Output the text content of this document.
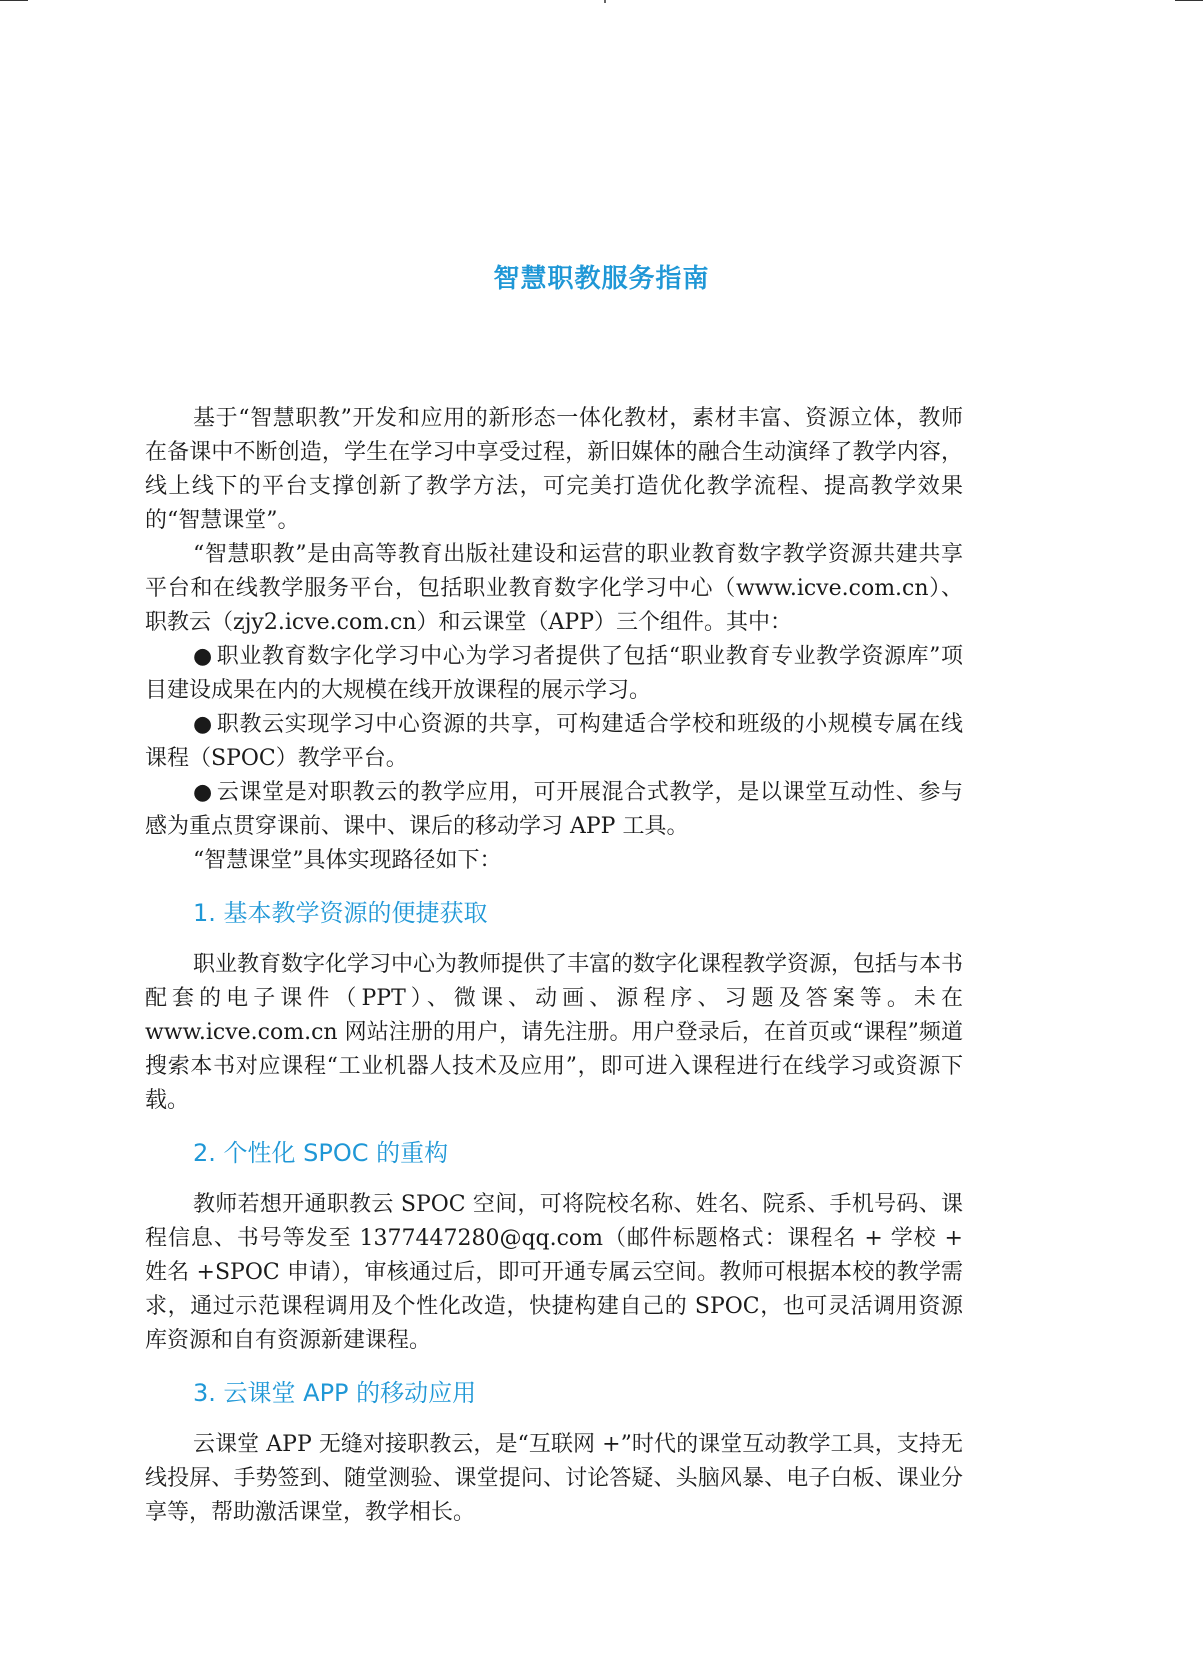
智慧职教服务指南

基于“智慧职教”开发和应用的新形态一体化教材，素材丰富、资源立体，教师在备课中不断创造，学生在学习中享受过程，新旧媒体的融合生动演绎了教学内容，线上线下的平台支撑创新了教学方法，可完美打造优化教学流程、提高教学效果的“智慧课堂”。

“智慧职教”是由高等教育出版社建设和运营的职业教育数字教学资源共建共享平台和在线教学服务平台，包括职业教育数字化学习中心（www.icve.com.cn）、职教云（zjy2.icve.com.cn）和云课堂（APP）三个组件。其中：

● 职业教育数字化学习中心为学习者提供了包括“职业教育专业教学资源库”项目建设成果在内的大规模在线开放课程的展示学习。

● 职教云实现学习中心资源的共享，可构建适合学校和班级的小规模专属在线课程（SPOC）教学平台。

● 云课堂是对职教云的教学应用，可开展混合式教学，是以课堂互动性、参与感为重点贯穿课前、课中、课后的移动学习 APP 工具。

“智慧课堂”具体实现路径如下：

1. 基本教学资源的便捷获取

职业教育数字化学习中心为教师提供了丰富的数字化课程教学资源，包括与本书配套的电子课件（PPT）、微课、动画、源程序、习题及答案等。未在 www.icve.com.cn 网站注册的用户，请先注册。用户登录后，在首页或“课程”频道搜索本书对应课程“工业机器人技术及应用”，即可进入课程进行在线学习或资源下载。

2. 个性化 SPOC 的重构

教师若想开通职教云 SPOC 空间，可将院校名称、姓名、院系、手机号码、课程信息、书号等发至 1377447280@qq.com（邮件标题格式：课程名 + 学校 + 姓名 +SPOC 申请），审核通过后，即可开通专属云空间。教师可根据本校的教学需求，通过示范课程调用及个性化改造，快捷构建自己的 SPOC，也可灵活调用资源库资源和自有资源新建课程。

3. 云课堂 APP 的移动应用

云课堂 APP 无缝对接职教云，是“互联网 +”时代的课堂互动教学工具，支持无线投屏、手势签到、随堂测验、课堂提问、讨论答疑、头脑风暴、电子白板、课业分享等，帮助激活课堂，教学相长。
